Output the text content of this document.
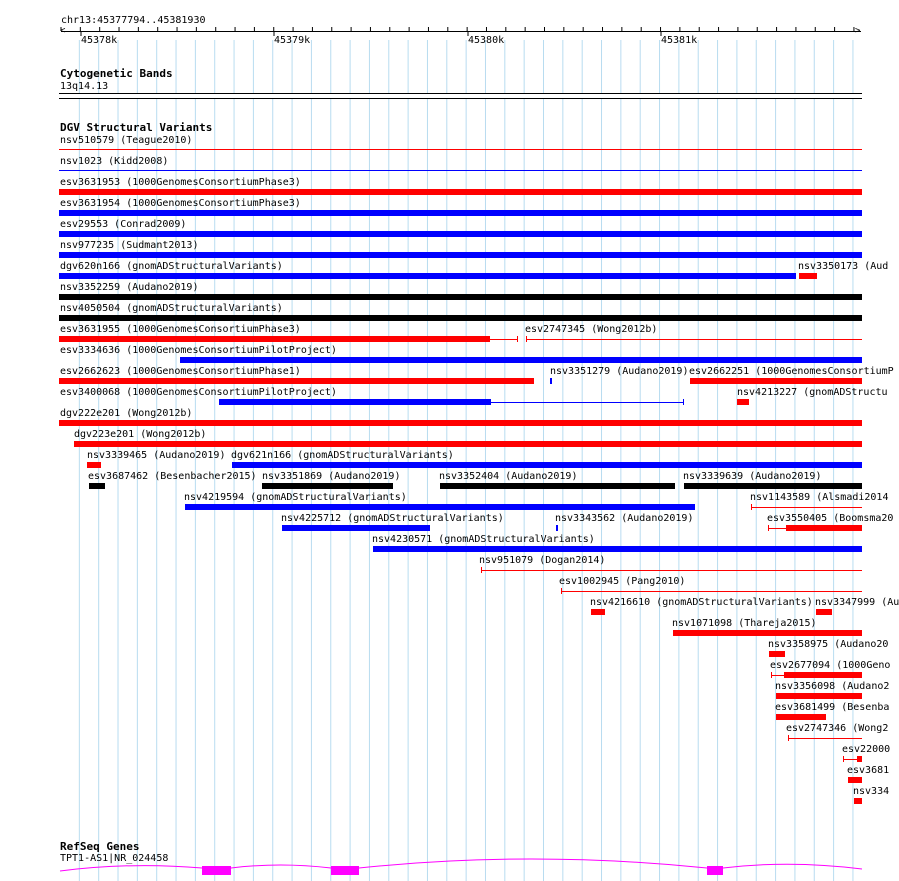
chr13:45377794..45381930
<	>
45378k	45379k	45380k	45381k
Cytogenetic Bands
13q14.13
DGV Structural Variants
nsv510579 (Teague2010)
nsv1023 (Kidd2008)
esv3631953 (1000GenomesConsortiumPhase3)
esv3631954 (1000GenomesConsortiumPhase3)
esv29553 (Conrad2009)
nsv977235 (Sudmant2013)
dgv620n166 (gnomADStructuralVariants)	nsv3350173 (Aud
nsv3352259 (Audano2019)
nsv4050504 (gnomADStructuralVariants)
esv3631955 (1000GenomesConsortiumPhase3)	esv2747345 (Wong2012b)
esv3334636 (1000GenomesConsortiumPilotProject)
esv2662623 (1000GenomesConsortiumPhase1)	nsv3351279 (Audano2019) esv2662251 (1000GenomesConsortiumP
esv3400068 (1000GenomesConsortiumPilotProject)	nsv4213227 (gnomADStructu
dgv222e201 (Wong2012b)
dgv223e201 (Wong2012b)
nsv3339465 (Audano2019) dgv621n166 (gnomADStructuralVariants)
esv3687462 (Besenbacher2015) nsv3351869 (Audano2019)	nsv3352404 (Audano2019)	nsv3339639 (Audano2019)
nsv4219594 (gnomADStructuralVariants)	nsv1143589 (Alsmadi2014
nsv4225712 (gnomADStructuralVariants)	nsv3343562 (Audano2019)	esv3550405 (Boomsma20
nsv4230571 (gnomADStructuralVariants)
nsv951079 (Dogan2014)
esv1002945 (Pang2010)
nsv4216610 (gnomADStructuralVariants) nsv3347999 (Au
nsv1071098 (Thareja2015)
nsv3358975 (Audano20
esv2677094 (1000Geno
nsv3356098 (Audano2
esv3681499 (Besenba
esv2747346 (Wong2
esv22000
esv3681
nsv334
RefSeq Genes
TPT1-AS1|NR_024458
